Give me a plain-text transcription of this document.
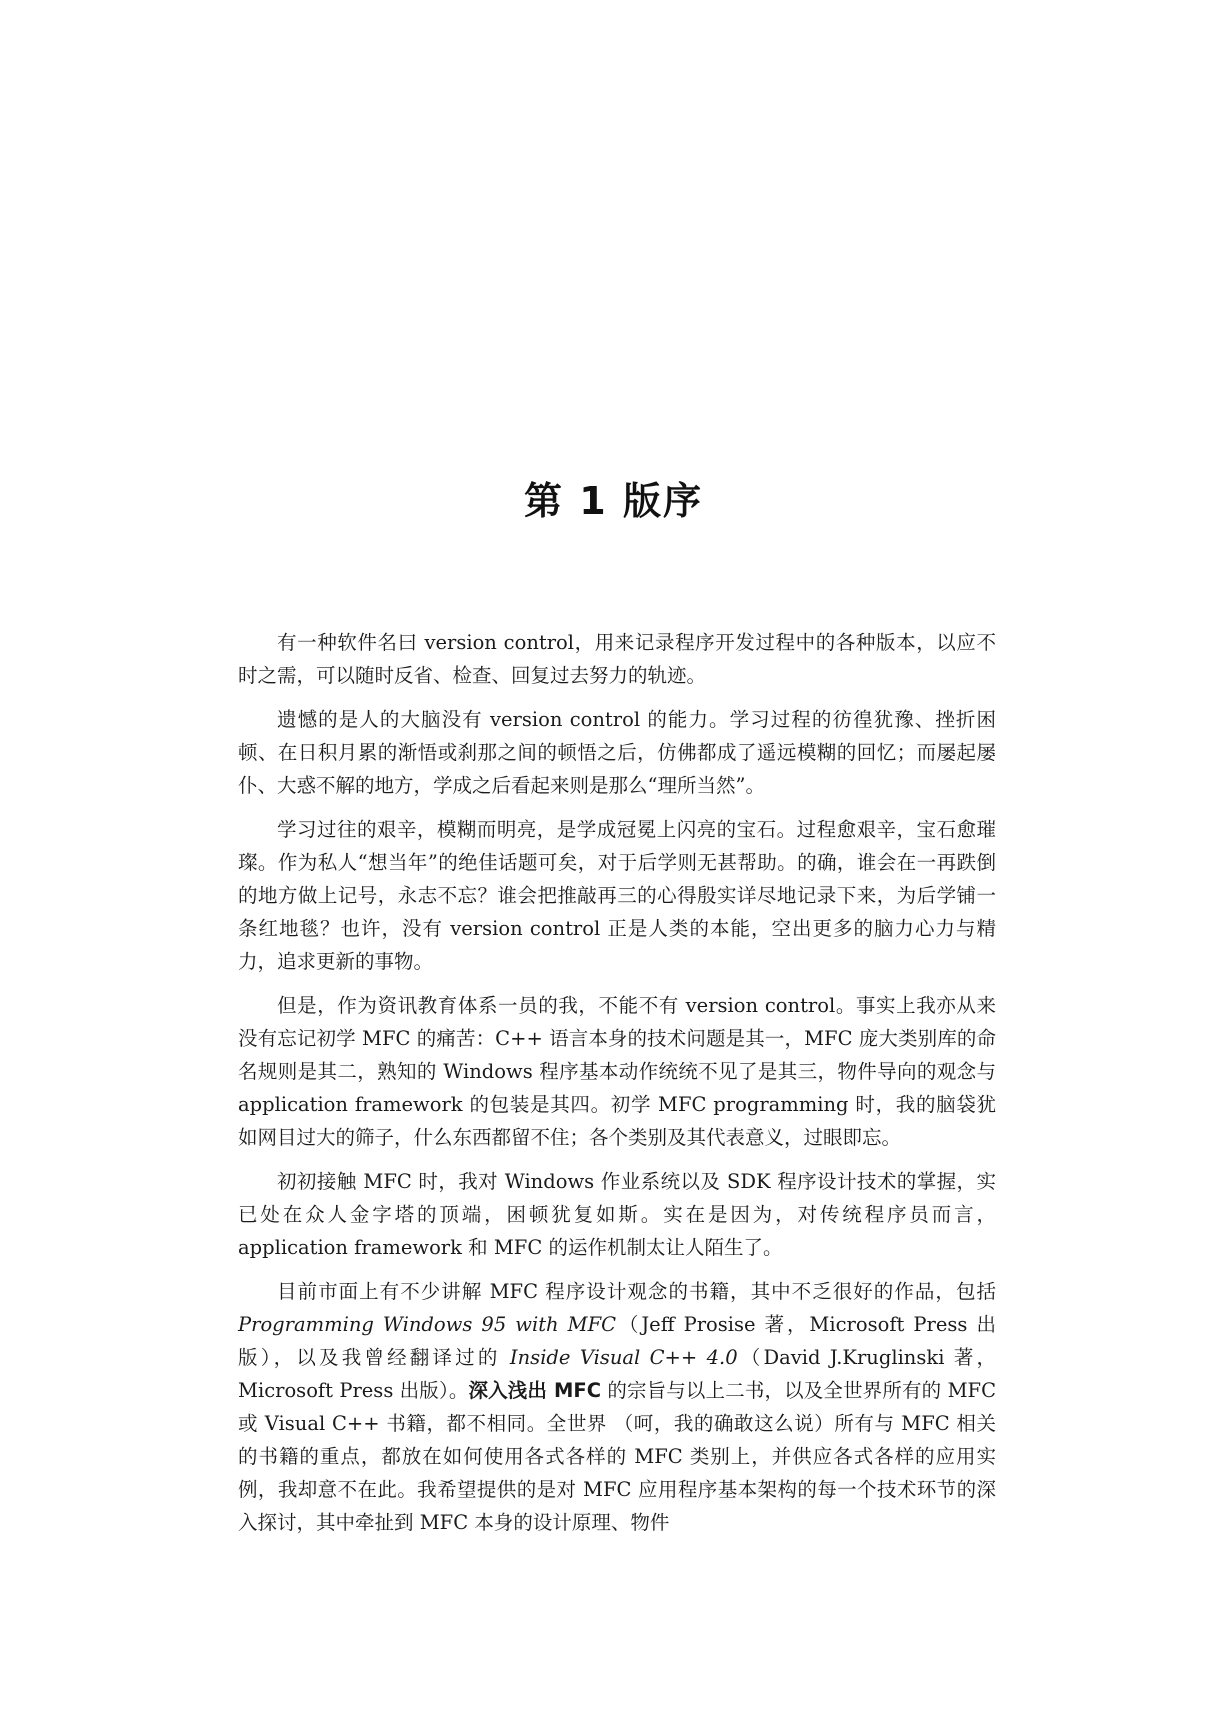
第 1 版序

有一种软件名曰 version control，用来记录程序开发过程中的各种版本，以应不时之需，可以随时反省、检查、回复过去努力的轨迹。

遗憾的是人的大脑没有 version control 的能力。学习过程的彷徨犹豫、挫折困顿、在日积月累的渐悟或刹那之间的顿悟之后，仿佛都成了遥远模糊的回忆；而屡起屡仆、大惑不解的地方，学成之后看起来则是那么“理所当然”。

学习过往的艰辛，模糊而明亮，是学成冠冕上闪亮的宝石。过程愈艰辛，宝石愈璀璨。作为私人“想当年”的绝佳话题可矣，对于后学则无甚帮助。的确，谁会在一再跌倒的地方做上记号，永志不忘？谁会把推敲再三的心得殷实详尽地记录下来，为后学铺一条红地毯？也许，没有 version control 正是人类的本能，空出更多的脑力心力与精力，追求更新的事物。

但是，作为资讯教育体系一员的我，不能不有 version control。事实上我亦从来没有忘记初学 MFC 的痛苦：C++ 语言本身的技术问题是其一，MFC 庞大类别库的命名规则是其二，熟知的 Windows 程序基本动作统统不见了是其三，物件导向的观念与 application framework 的包装是其四。初学 MFC programming 时，我的脑袋犹如网目过大的筛子，什么东西都留不住；各个类别及其代表意义，过眼即忘。

初初接触 MFC 时，我对 Windows 作业系统以及 SDK 程序设计技术的掌握，实已处在众人金字塔的顶端，困顿犹复如斯。实在是因为，对传统程序员而言，application framework 和 MFC 的运作机制太让人陌生了。

目前市面上有不少讲解 MFC 程序设计观念的书籍，其中不乏很好的作品，包括 Programming Windows 95 with MFC（Jeff Prosise 著，Microsoft Press 出版），以及我曾经翻译过的 Inside Visual C++ 4.0（David J.Kruglinski 著，Microsoft Press 出版）。深入浅出 MFC 的宗旨与以上二书，以及全世界所有的 MFC 或 Visual C++ 书籍，都不相同。全世界 （呵，我的确敢这么说）所有与 MFC 相关的书籍的重点，都放在如何使用各式各样的 MFC 类别上，并供应各式各样的应用实例，我却意不在此。我希望提供的是对 MFC 应用程序基本架构的每一个技术环节的深入探讨，其中牵扯到 MFC 本身的设计原理、物件
